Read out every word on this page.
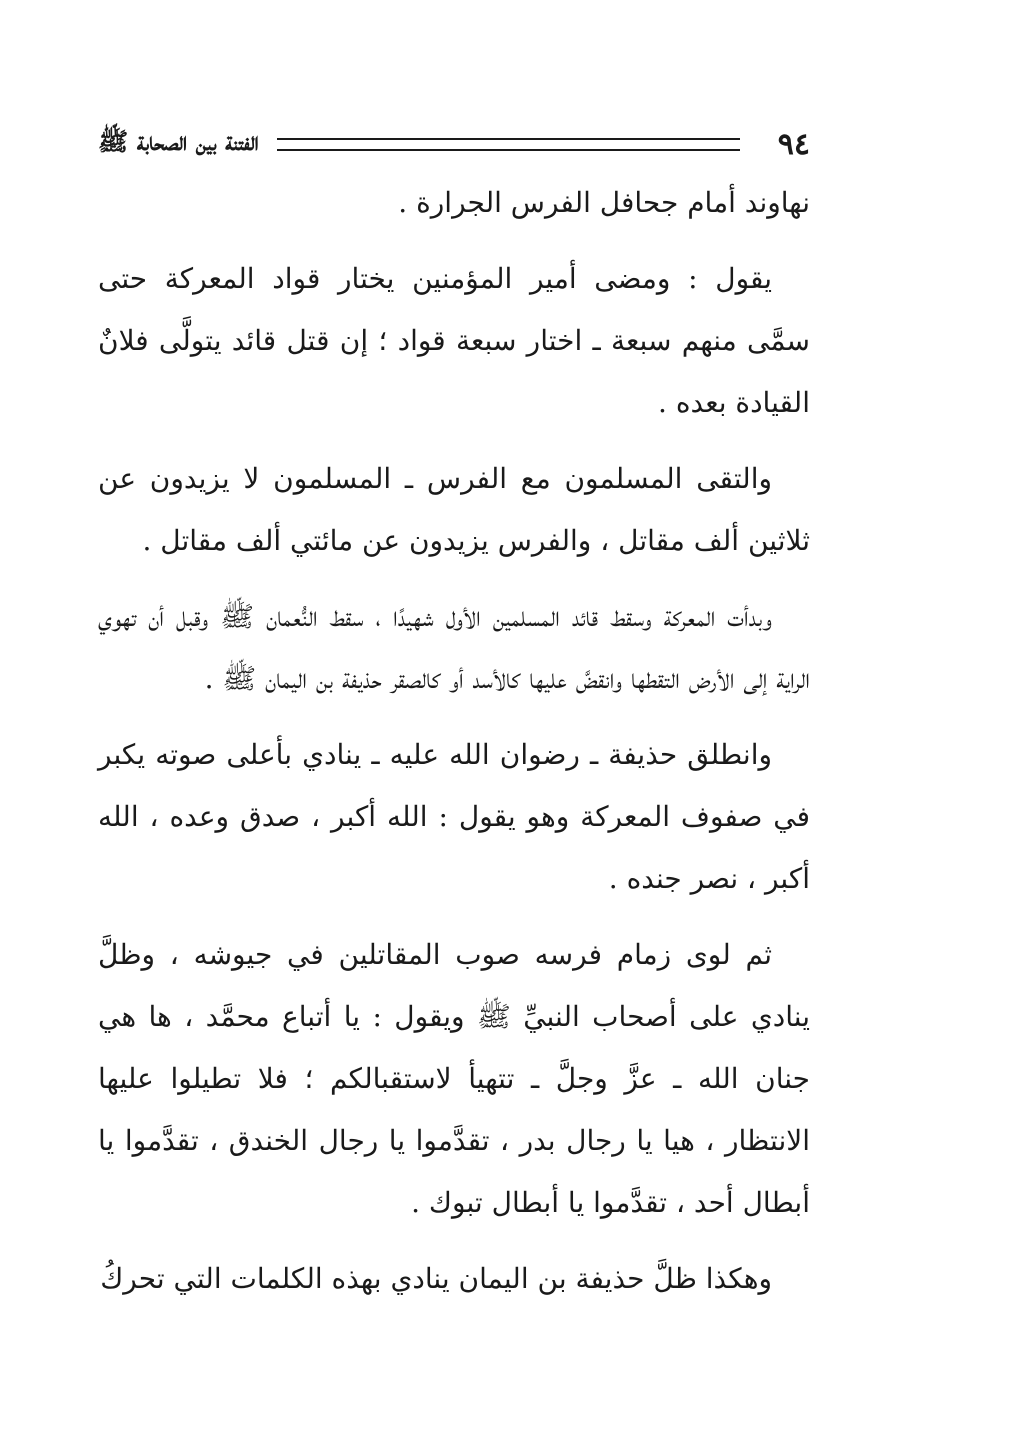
٩٤
الفتنة بين الصحابة ﷺ

نهاوند أمام جحافل الفرس الجرارة .

يقول : ومضى أمير المؤمنين يختار قواد المعركة حتى سمَّى منهم سبعة ـ اختار سبعة قواد ؛ إن قتل قائد يتولَّى فلانٌ القيادة بعده .

والتقى المسلمون مع الفرس ـ المسلمون لا يزيدون عن ثلاثين ألف مقاتل ، والفرس يزيدون عن مائتي ألف مقاتل .

وبدأت المعركة وسقط قائد المسلمين الأول شهيدًا ، سقط النُّعمان ﷺ وقبل أن تهوي الراية إلى الأرض التقطها وانقضَّ عليها كالأسد أو كالصقر حذيفة بن اليمان ﷺ .

وانطلق حذيفة ـ رضوان الله عليه ـ ينادي بأعلى صوته يكبر في صفوف المعركة وهو يقول : الله أكبر ، صدق وعده ، الله أكبر ، نصر جنده .

ثم لوى زمام فرسه صوب المقاتلين في جيوشه ، وظلَّ ينادي على أصحاب النبيِّ ﷺ ويقول : يا أتباع محمَّد ، ها هي جنان الله ـ عزَّ وجلَّ ـ تتهيأ لاستقبالكم ؛ فلا تطيلوا عليها الانتظار ، هيا يا رجال بدر ، تقدَّموا يا رجال الخندق ، تقدَّموا يا أبطال أحد ، تقدَّموا يا أبطال تبوك .

وهكذا ظلَّ حذيفة بن اليمان ينادي بهذه الكلمات التي تحركُ
